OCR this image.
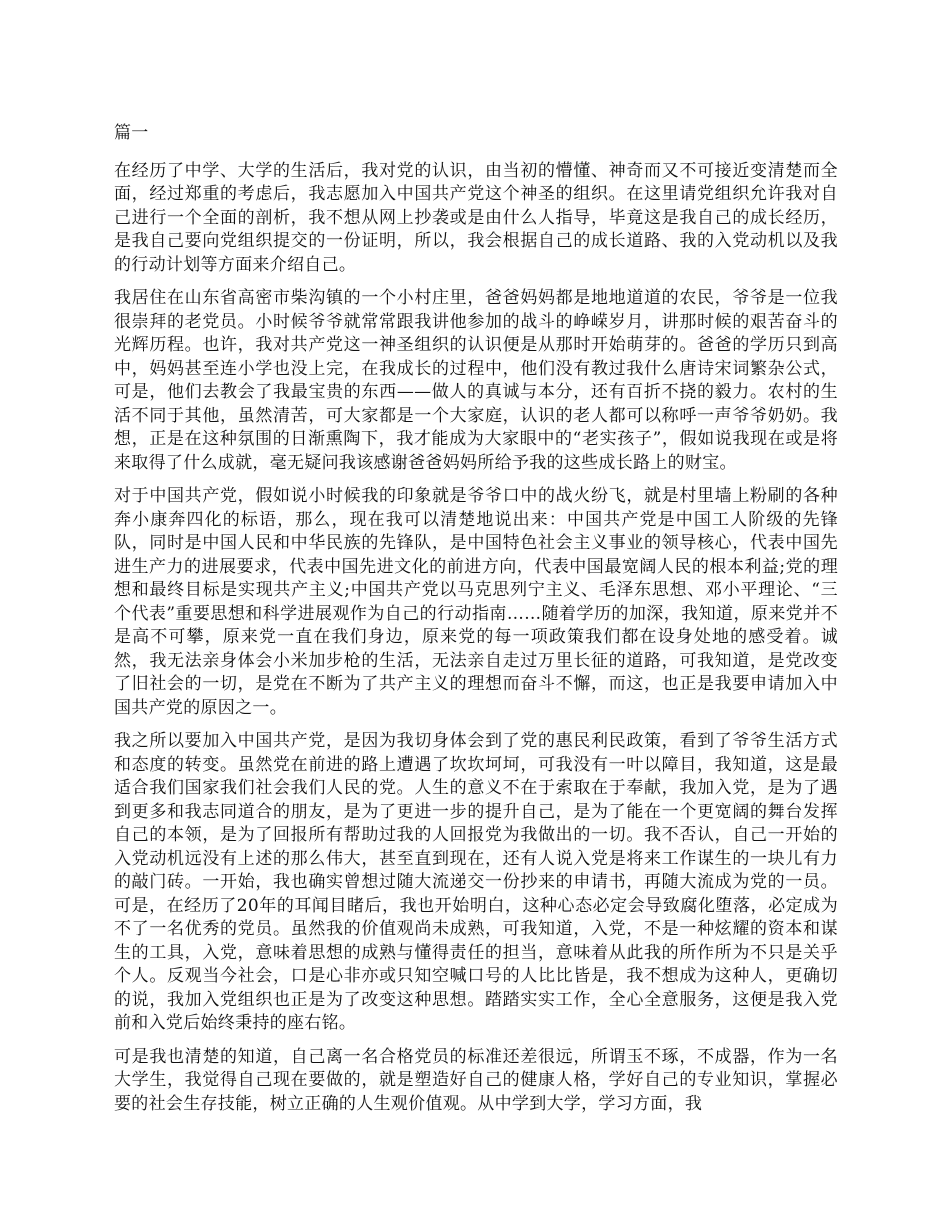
篇一

在经历了中学、大学的生活后，我对党的认识，由当初的懵懂、神奇而又不可接近变清楚而全面，经过郑重的考虑后，我志愿加入中国共产党这个神圣的组织。在这里请党组织允许我对自己进行一个全面的剖析，我不想从网上抄袭或是由什么人指导，毕竟这是我自己的成长经历，是我自己要向党组织提交的一份证明，所以，我会根据自己的成长道路、我的入党动机以及我的行动计划等方面来介绍自己。

我居住在山东省高密市柴沟镇的一个小村庄里，爸爸妈妈都是地地道道的农民，爷爷是一位我很崇拜的老党员。小时候爷爷就常常跟我讲他参加的战斗的峥嵘岁月，讲那时候的艰苦奋斗的光辉历程。也许，我对共产党这一神圣组织的认识便是从那时开始萌芽的。爸爸的学历只到高中，妈妈甚至连小学也没上完，在我成长的过程中，他们没有教过我什么唐诗宋词繁杂公式，可是，他们去教会了我最宝贵的东西——做人的真诚与本分，还有百折不挠的毅力。农村的生活不同于其他，虽然清苦，可大家都是一个大家庭，认识的老人都可以称呼一声爷爷奶奶。我想，正是在这种氛围的日渐熏陶下，我才能成为大家眼中的“老实孩子”，假如说我现在或是将来取得了什么成就，毫无疑问我该感谢爸爸妈妈所给予我的这些成长路上的财宝。

对于中国共产党，假如说小时候我的印象就是爷爷口中的战火纷飞，就是村里墙上粉刷的各种奔小康奔四化的标语，那么，现在我可以清楚地说出来：中国共产党是中国工人阶级的先锋队，同时是中国人民和中华民族的先锋队，是中国特色社会主义事业的领导核心，代表中国先进生产力的进展要求，代表中国先进文化的前进方向，代表中国最宽阔人民的根本利益;党的理想和最终目标是实现共产主义;中国共产党以马克思列宁主义、毛泽东思想、邓小平理论、“三个代表”重要思想和科学进展观作为自己的行动指南……随着学历的加深，我知道，原来党并不是高不可攀，原来党一直在我们身边，原来党的每一项政策我们都在设身处地的感受着。诚然，我无法亲身体会小米加步枪的生活，无法亲自走过万里长征的道路，可我知道，是党改变了旧社会的一切，是党在不断为了共产主义的理想而奋斗不懈，而这，也正是我要申请加入中国共产党的原因之一。

我之所以要加入中国共产党，是因为我切身体会到了党的惠民利民政策，看到了爷爷生活方式和态度的转变。虽然党在前进的路上遭遇了坎坎坷坷，可我没有一叶以障目，我知道，这是最适合我们国家我们社会我们人民的党。人生的意义不在于索取在于奉献，我加入党，是为了遇到更多和我志同道合的朋友，是为了更进一步的提升自己，是为了能在一个更宽阔的舞台发挥自己的本领，是为了回报所有帮助过我的人回报党为我做出的一切。我不否认，自己一开始的入党动机远没有上述的那么伟大，甚至直到现在，还有人说入党是将来工作谋生的一块儿有力的敲门砖。一开始，我也确实曾想过随大流递交一份抄来的申请书，再随大流成为党的一员。可是，在经历了20年的耳闻目睹后，我也开始明白，这种心态必定会导致腐化堕落，必定成为不了一名优秀的党员。虽然我的价值观尚未成熟，可我知道，入党，不是一种炫耀的资本和谋生的工具，入党，意味着思想的成熟与懂得责任的担当，意味着从此我的所作所为不只是关乎个人。反观当今社会，口是心非亦或只知空喊口号的人比比皆是，我不想成为这种人，更确切的说，我加入党组织也正是为了改变这种思想。踏踏实实工作，全心全意服务，这便是我入党前和入党后始终秉持的座右铭。

可是我也清楚的知道，自己离一名合格党员的标准还差很远，所谓玉不琢，不成器，作为一名大学生，我觉得自己现在要做的，就是塑造好自己的健康人格，学好自己的专业知识，掌握必要的社会生存技能，树立正确的人生观价值观。从中学到大学，学习方面，我
